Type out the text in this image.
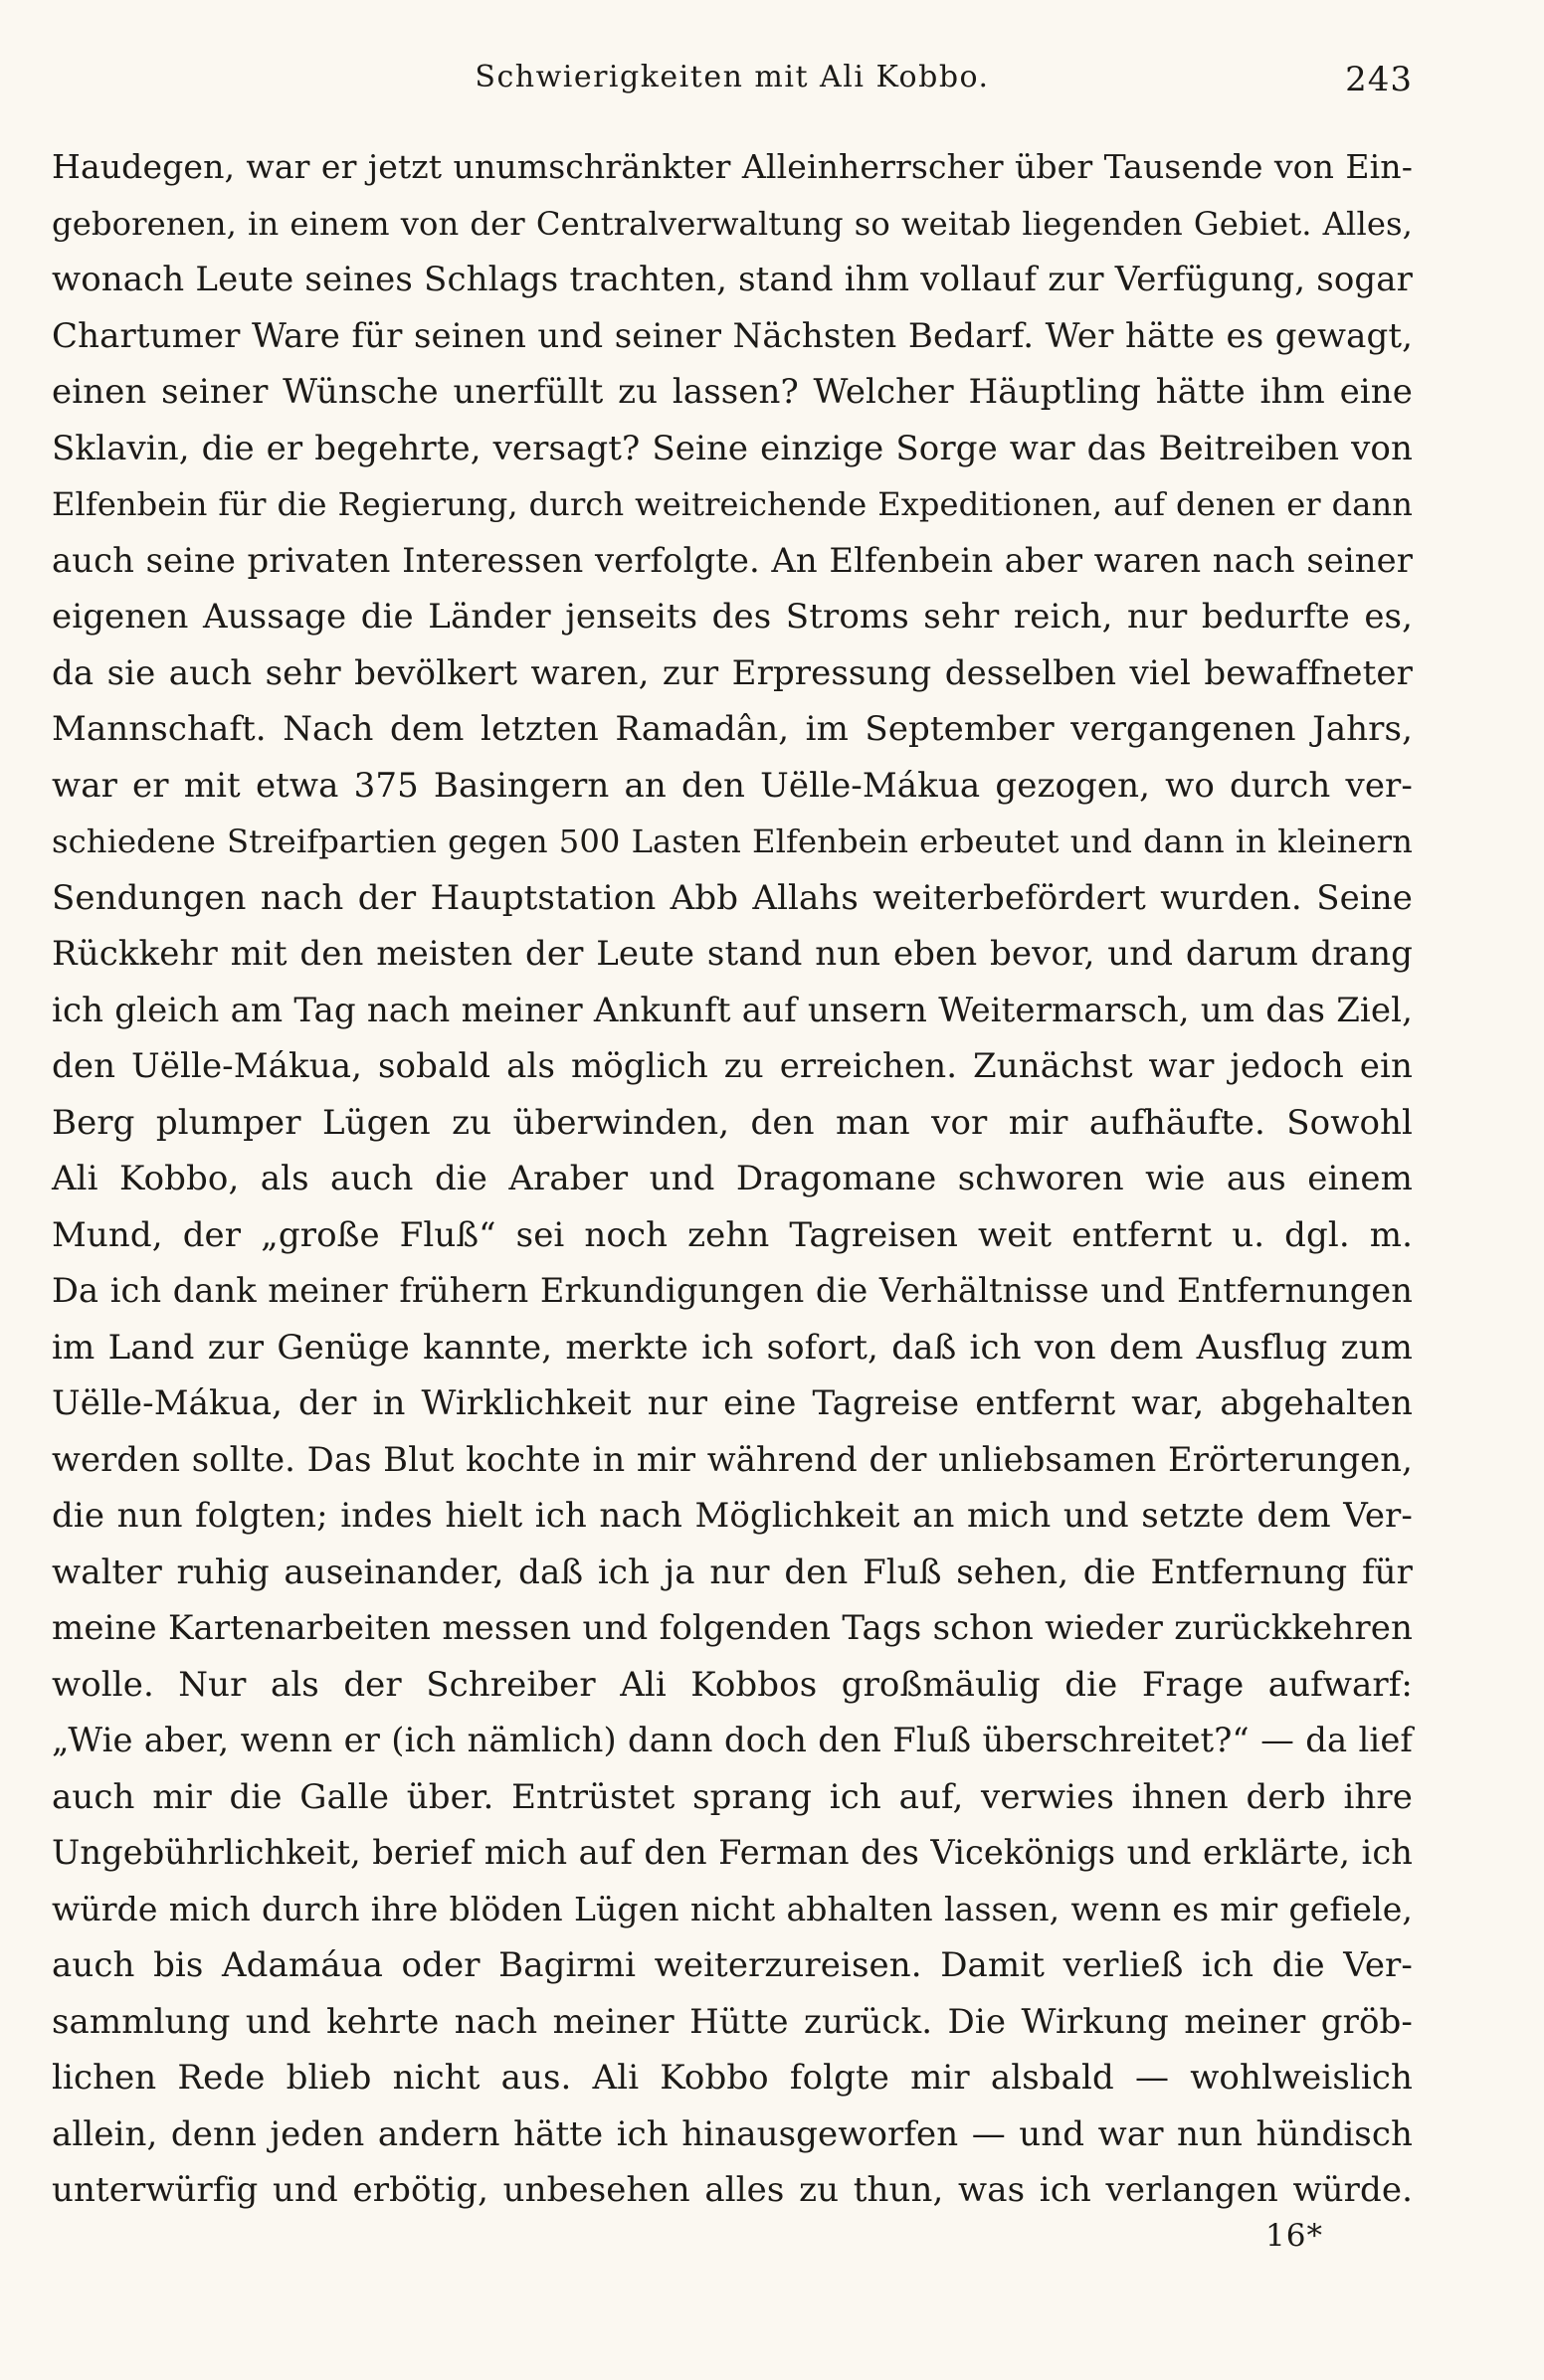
Schwierigkeiten mit Ali Kobbo.	243
Haudegen, war er jetzt unumschränkter Alleinherrscher über Tausende von Ein-
geborenen, in einem von der Centralverwaltung so weitab liegenden Gebiet. Alles,
wonach Leute seines Schlags trachten, stand ihm vollauf zur Verfügung, sogar
Chartumer Ware für seinen und seiner Nächsten Bedarf. Wer hätte es gewagt,
einen seiner Wünsche unerfüllt zu lassen? Welcher Häuptling hätte ihm eine
Sklavin, die er begehrte, versagt? Seine einzige Sorge war das Beitreiben von
Elfenbein für die Regierung, durch weitreichende Expeditionen, auf denen er dann
auch seine privaten Interessen verfolgte. An Elfenbein aber waren nach seiner
eigenen Aussage die Länder jenseits des Stroms sehr reich, nur bedurfte es,
da sie auch sehr bevölkert waren, zur Erpressung desselben viel bewaffneter
Mannschaft. Nach dem letzten Ramadân, im September vergangenen Jahrs,
war er mit etwa 375 Basingern an den Uëlle-Mákua gezogen, wo durch ver-
schiedene Streifpartien gegen 500 Lasten Elfenbein erbeutet und dann in kleinern
Sendungen nach der Hauptstation Abb Allahs weiterbefördert wurden. Seine
Rückkehr mit den meisten der Leute stand nun eben bevor, und darum drang
ich gleich am Tag nach meiner Ankunft auf unsern Weitermarsch, um das Ziel,
den Uëlle-Mákua, sobald als möglich zu erreichen. Zunächst war jedoch ein
Berg plumper Lügen zu überwinden, den man vor mir aufhäufte. Sowohl
Ali Kobbo, als auch die Araber und Dragomane schworen wie aus einem
Mund, der „große Fluß“ sei noch zehn Tagreisen weit entfernt u. dgl. m.
Da ich dank meiner frühern Erkundigungen die Verhältnisse und Entfernungen
im Land zur Genüge kannte, merkte ich sofort, daß ich von dem Ausflug zum
Uëlle-Mákua, der in Wirklichkeit nur eine Tagreise entfernt war, abgehalten
werden sollte. Das Blut kochte in mir während der unliebsamen Erörterungen,
die nun folgten; indes hielt ich nach Möglichkeit an mich und setzte dem Ver-
walter ruhig auseinander, daß ich ja nur den Fluß sehen, die Entfernung für
meine Kartenarbeiten messen und folgenden Tags schon wieder zurückkehren
wolle. Nur als der Schreiber Ali Kobbos großmäulig die Frage aufwarf:
„Wie aber, wenn er (ich nämlich) dann doch den Fluß überschreitet?“ — da lief
auch mir die Galle über. Entrüstet sprang ich auf, verwies ihnen derb ihre
Ungebührlichkeit, berief mich auf den Ferman des Vicekönigs und erklärte, ich
würde mich durch ihre blöden Lügen nicht abhalten lassen, wenn es mir gefiele,
auch bis Adamáua oder Bagirmi weiterzureisen. Damit verließ ich die Ver-
sammlung und kehrte nach meiner Hütte zurück. Die Wirkung meiner gröb-
lichen Rede blieb nicht aus. Ali Kobbo folgte mir alsbald — wohlweislich
allein, denn jeden andern hätte ich hinausgeworfen — und war nun hündisch
unterwürfig und erbötig, unbesehen alles zu thun, was ich verlangen würde.
16*
